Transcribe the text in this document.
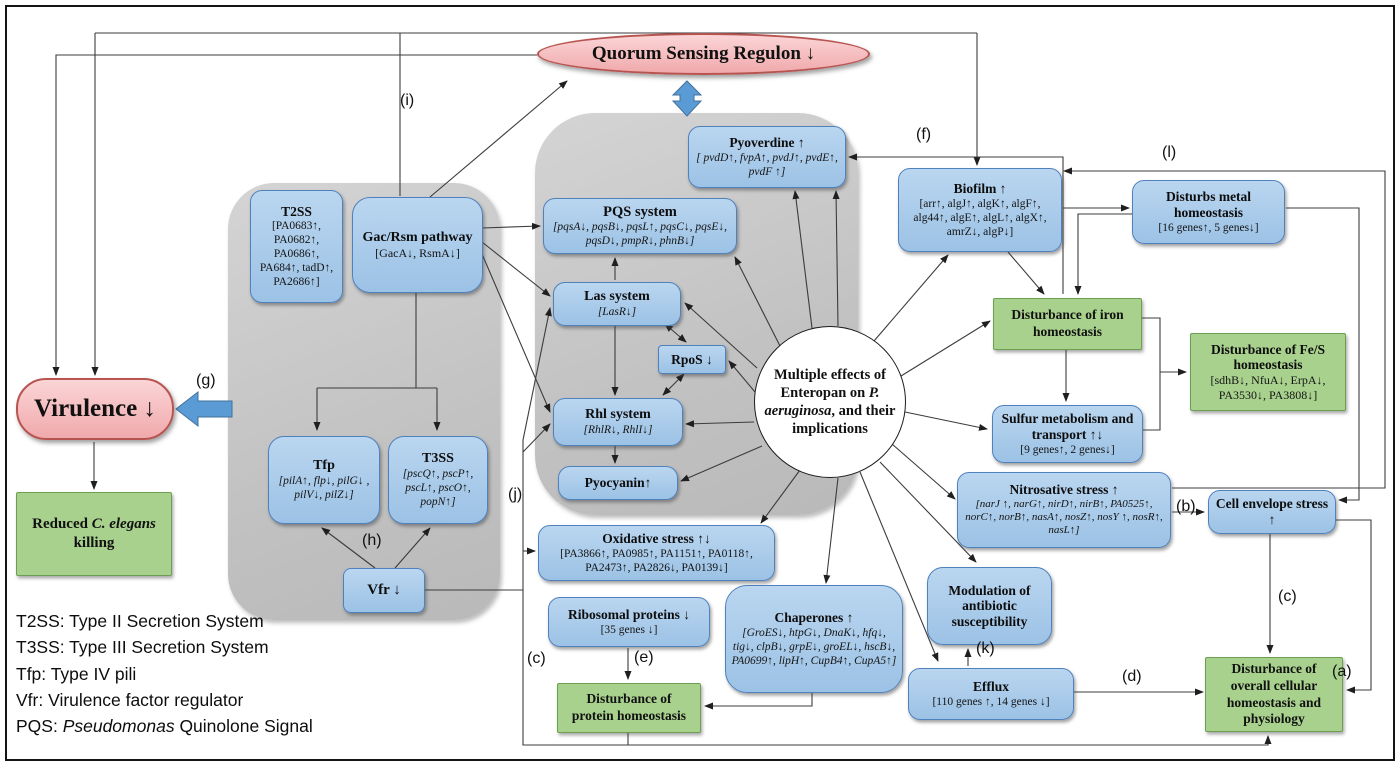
Quorum Sensing Regulon ↓
Virulence ↓
T2SS
[PA0683↑, PA0682↑, PA0686↑, PA684↑, tadD↑, PA2686↑]
Gac/Rsm pathway
[GacA↓, RsmA↓]
Tfp
[pilA↑, flp↓, pilG↓ , pilV↓, pilZ↓]
T3SS
[pscQ↑, pscP↑, pscL↑, pscO↑, popN↑]
Vfr ↓
Pyoverdine ↑
[ pvdD↑, fvpA↑, pvdJ↑, pvdE↑, pvdF ↑]
PQS system
[pqsA↓, pqsB↓, pqsL↑, pqsC↓, pqsE↓, pqsD↓, pmpR↓, phnB↓]
Las system
[LasR↓]
RpoS ↓
Rhl system
[RhlR↓, RhlI↓]
Pyocyanin↑
Multiple effects of Enteropan on P. aeruginosa, and their implications
Biofilm ↑
[arr↑, algJ↑, algK↑, algF↑, alg44↑, algE↑, algL↑, algX↑, amrZ↓, algP↓]
Disturbs metal homeostasis
[16 genes↑, 5 genes↓]
Disturbance of iron homeostasis
Disturbance of Fe/S homeostasis
[sdhB↓, NfuA↓, ErpA↓, PA3530↓, PA3808↓]
Sulfur metabolism and transport ↑↓
[9 genes↑, 2 genes↓]
Nitrosative stress ↑
[narJ ↑, narG↑, nirD↑, nirB↑, PA0525↑, norC↑, norB↑, nasA↑, nosZ↑, nosY ↑, nosR↑, nasL↑]
Cell envelope stress ↑
Oxidative stress ↑↓
[PA3866↑, PA0985↑, PA1151↑, PA0118↑, PA2473↑, PA2826↓, PA0139↓]
Ribosomal proteins ↓
[35 genes ↓]
Chaperones ↑
[GroES↓, htpG↓, DnaK↓, hfq↓, tig↓, clpB↓, grpE↓, groEL↓, hscB↓, PA0699↑, lipH↑, CupB4↑, CupA5↑]
Disturbance of protein homeostasis
Modulation of antibiotic susceptibility
Efflux
[110 genes ↑, 14 genes ↓]
Disturbance of overall cellular homeostasis and physiology
Reduced C. elegans killing
(a)
(b)
(c)
(c)
(d)
(e)
(f)
(g)
(h)
(i)
(j)
(k)
(l)
T2SS: Type II Secretion System
T3SS: Type III Secretion System
Tfp: Type IV pili
Vfr: Virulence factor regulator
PQS: Pseudomonas Quinolone Signal
